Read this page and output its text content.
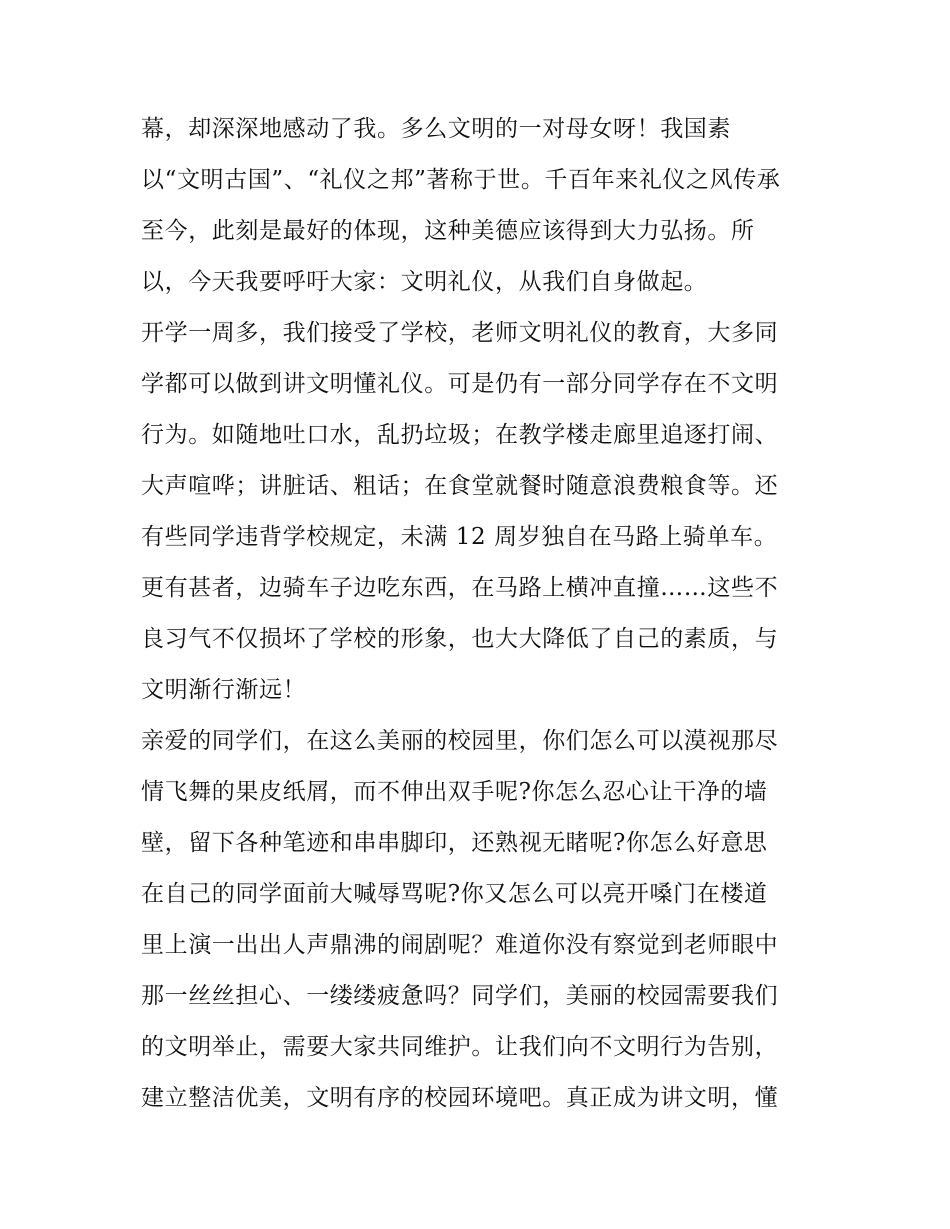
幕，却深深地感动了我。多么文明的一对母女呀！我国素
以“文明古国”、“礼仪之邦”著称于世。千百年来礼仪之风传承
至今，此刻是最好的体现，这种美德应该得到大力弘扬。所
以，今天我要呼吁大家：文明礼仪，从我们自身做起。
开学一周多，我们接受了学校，老师文明礼仪的教育，大多同
学都可以做到讲文明懂礼仪。可是仍有一部分同学存在不文明
行为。如随地吐口水，乱扔垃圾；在教学楼走廊里追逐打闹、
大声喧哗；讲脏话、粗话；在食堂就餐时随意浪费粮食等。还
有些同学违背学校规定，未满 12 周岁独自在马路上骑单车。
更有甚者，边骑车子边吃东西，在马路上横冲直撞……这些不
良习气不仅损坏了学校的形象，也大大降低了自己的素质，与
文明渐行渐远！
亲爱的同学们，在这么美丽的校园里，你们怎么可以漠视那尽
情飞舞的果皮纸屑，而不伸出双手呢?你怎么忍心让干净的墙
壁，留下各种笔迹和串串脚印，还熟视无睹呢?你怎么好意思
在自己的同学面前大喊辱骂呢?你又怎么可以亮开嗓门在楼道
里上演一出出人声鼎沸的闹剧呢？难道你没有察觉到老师眼中
那一丝丝担心、一缕缕疲惫吗？同学们，美丽的校园需要我们
的文明举止，需要大家共同维护。让我们向不文明行为告别，
建立整洁优美，文明有序的校园环境吧。真正成为讲文明，懂
